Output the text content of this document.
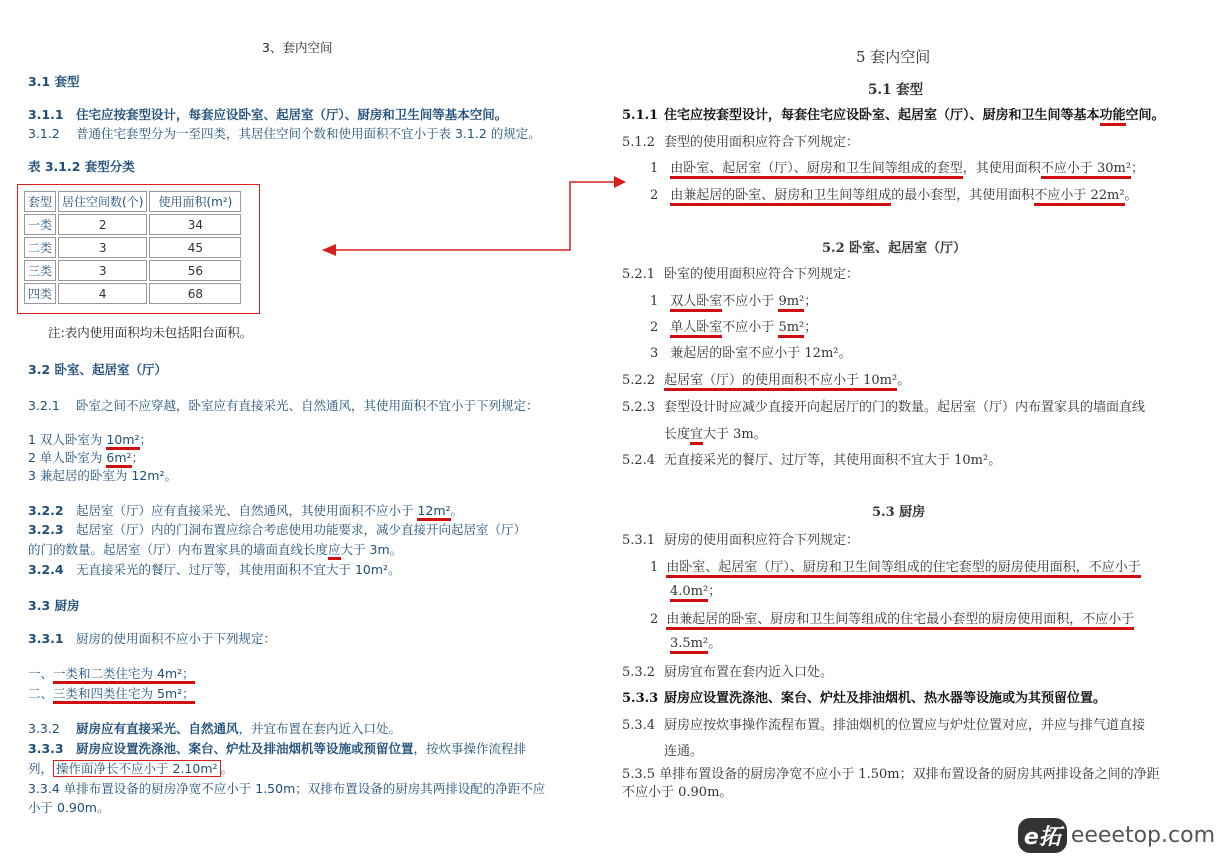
3、套内空间
3.1 套型
3.1.1 住宅应按套型设计，每套应设卧室、起居室（厅）、厨房和卫生间等基本空间。
3.1.2 普通住宅套型分为一至四类，其居住空间个数和使用面积不宜小于表 3.1.2 的规定。
表 3.1.2 套型分类
套型	居住空间数(个)	使用面积(m²)
一类	2	34
二类	3	45
三类	3	56
四类	4	68
注:表内使用面积均未包括阳台面积。
3.2 卧室、起居室（厅）
3.2.1 卧室之间不应穿越，卧室应有直接采光、自然通风，其使用面积不宜小于下列规定：
1 双人卧室为 10m²；
2 单人卧室为 6m²；
3 兼起居的卧室为 12m²。
3.2.2 起居室（厅）应有直接采光、自然通风，其使用面积不应小于 12m²。
3.2.3 起居室（厅）内的门洞布置应综合考虑使用功能要求，减少直接开向起居室（厅）
的门的数量。起居室（厅）内布置家具的墙面直线长度应大于 3m。
3.2.4 无直接采光的餐厅、过厅等，其使用面积不宜大于 10m²。
3.3 厨房
3.3.1 厨房的使用面积不应小于下列规定：
一、一类和二类住宅为 4m²；
二、三类和四类住宅为 5m²；
3.3.2 厨房应有直接采光、自然通风，并宜布置在套内近入口处。
3.3.3 厨房应设置洗涤池、案台、炉灶及排油烟机等设施或预留位置，按炊事操作流程排
列， 操作面净长不应小于 2.10m² 。
3.3.4 单排布置设备的厨房净宽不应小于 1.50m；双排布置设备的厨房其两排设配的净距不应
小于 0.90m。
5 套内空间
5.1 套型
5.1.1 住宅应按套型设计，每套住宅应设卧室、起居室（厅）、厨房和卫生间等基本功能空间。
5.1.2 套型的使用面积应符合下列规定：
1 由卧室、起居室（厅）、厨房和卫生间等组成的套型，其使用面积不应小于 30m²；
2 由兼起居的卧室、厨房和卫生间等组成的最小套型，其使用面积不应小于 22m²。
5.2 卧室、起居室（厅）
5.2.1 卧室的使用面积应符合下列规定：
1 双人卧室不应小于 9m²；
2 单人卧室不应小于 5m²；
3 兼起居的卧室不应小于 12m²。
5.2.2 起居室（厅）的使用面积不应小于 10m²。
5.2.3 套型设计时应减少直接开向起居厅的门的数量。起居室（厅）内布置家具的墙面直线
长度宜大于 3m。
5.2.4 无直接采光的餐厅、过厅等，其使用面积不宜大于 10m²。
5.3 厨房
5.3.1 厨房的使用面积应符合下列规定：
1 由卧室、起居室（厅）、厨房和卫生间等组成的住宅套型的厨房使用面积，不应小于
4.0m²；
2 由兼起居的卧室、厨房和卫生间等组成的住宅最小套型的厨房使用面积，不应小于
3.5m²。
5.3.2 厨房宜布置在套内近入口处。
5.3.3 厨房应设置洗涤池、案台、炉灶及排油烟机、热水器等设施或为其预留位置。
5.3.4 厨房应按炊事操作流程布置。排油烟机的位置应与炉灶位置对应，并应与排气道直接
连通。
5.3.5 单排布置设备的厨房净宽不应小于 1.50m；双排布置设备的厨房其两排设备之间的净距
不应小于 0.90m。
e拓 eeeetop.com
